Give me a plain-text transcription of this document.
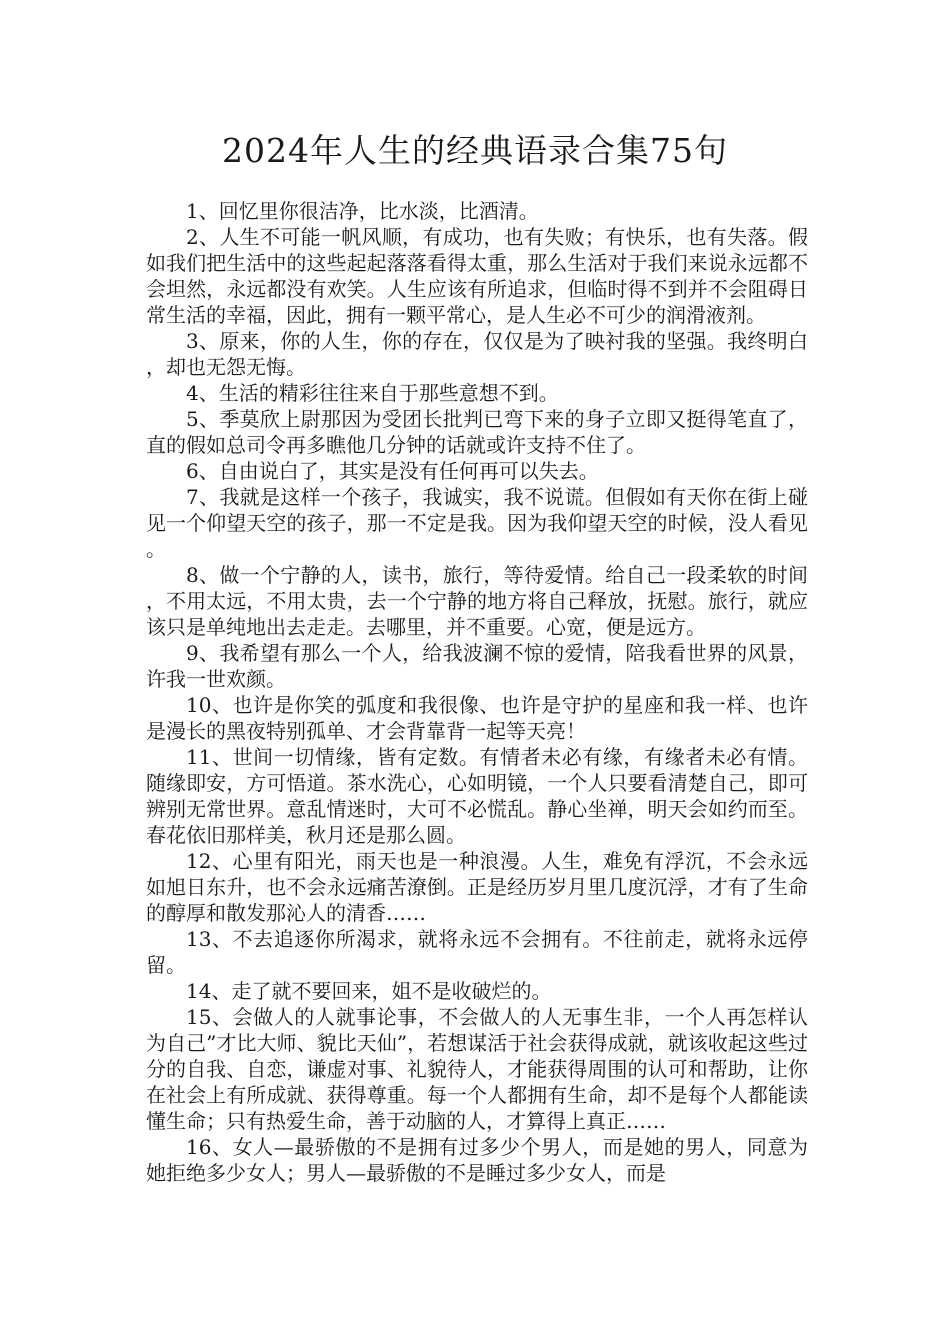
2024年人生的经典语录合集75句

1、回忆里你很洁净，比水淡，比酒清。

2、人生不可能一帆风顺，有成功，也有失败；有快乐，也有失落。假如我们把生活中的这些起起落落看得太重，那么生活对于我们来说永远都不会坦然，永远都没有欢笑。人生应该有所追求，但临时得不到并不会阻碍日常生活的幸福，因此，拥有一颗平常心，是人生必不可少的润滑液剂。

3、原来，你的人生，你的存在，仅仅是为了映衬我的坚强。我终明白，却也无怨无悔。

4、生活的精彩往往来自于那些意想不到。

5、季莫欣上尉那因为受团长批判已弯下来的身子立即又挺得笔直了，直的假如总司令再多瞧他几分钟的话就或许支持不住了。

6、自由说白了，其实是没有任何再可以失去。

7、我就是这样一个孩子，我诚实，我不说谎。但假如有天你在街上碰见一个仰望天空的孩子，那一不定是我。因为我仰望天空的时候，没人看见。

8、做一个宁静的人，读书，旅行，等待爱情。给自己一段柔软的时间，不用太远，不用太贵，去一个宁静的地方将自己释放，抚慰。旅行，就应该只是单纯地出去走走。去哪里，并不重要。心宽，便是远方。

9、我希望有那么一个人，给我波澜不惊的爱情，陪我看世界的风景，许我一世欢颜。

10、也许是你笑的弧度和我很像、也许是守护的星座和我一样、也许是漫长的黑夜特别孤单、才会背靠背一起等天亮！

11、世间一切情缘，皆有定数。有情者未必有缘，有缘者未必有情。随缘即安，方可悟道。茶水洗心，心如明镜，一个人只要看清楚自己，即可辨别无常世界。意乱情迷时，大可不必慌乱。静心坐禅，明天会如约而至。春花依旧那样美，秋月还是那么圆。

12、心里有阳光，雨天也是一种浪漫。人生，难免有浮沉，不会永远如旭日东升，也不会永远痛苦潦倒。正是经历岁月里几度沉浮，才有了生命的醇厚和散发那沁人的清香……

13、不去追逐你所渴求，就将永远不会拥有。不往前走，就将永远停留。

14、走了就不要回来，姐不是收破烂的。

15、会做人的人就事论事，不会做人的人无事生非，一个人再怎样认为自己”才比大师、貌比天仙”，若想谋活于社会获得成就，就该收起这些过分的自我、自恋，谦虚对事、礼貌待人，才能获得周围的认可和帮助，让你在社会上有所成就、获得尊重。每一个人都拥有生命，却不是每个人都能读懂生命；只有热爱生命，善于动脑的人，才算得上真正……

16、女人—最骄傲的不是拥有过多少个男人，而是她的男人，同意为她拒绝多少女人；男人—最骄傲的不是睡过多少女人，而是
